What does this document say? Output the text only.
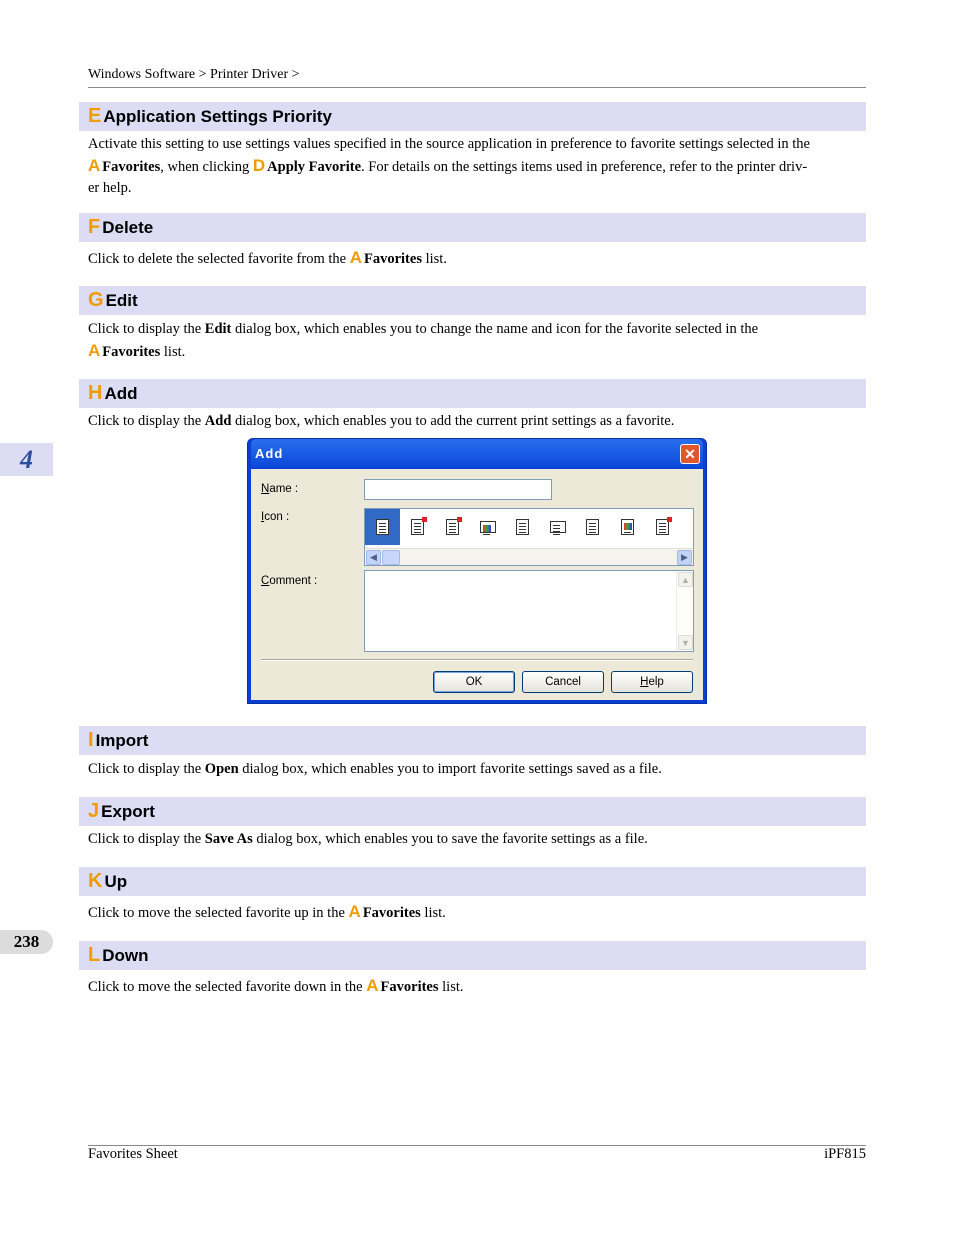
Windows Software > Printer Driver >
E Application Settings Priority
Activate this setting to use settings values specified in the source application in preference to favorite settings selected in the
A Favorites, when clicking D Apply Favorite. For details on the settings items used in preference, refer to the printer driv-
er help.
F Delete
Click to delete the selected favorite from the A Favorites list.
G Edit
Click to display the Edit dialog box, which enables you to change the name and icon for the favorite selected in the
A Favorites list.
H Add
Click to display the Add dialog box, which enables you to add the current print settings as a favorite.
4	Add	✕
Name :
Icon :
◀	▶
Comment :	▲
▼
OK	Cancel	H elp
I Import
Click to display the Open dialog box, which enables you to import favorite settings saved as a file.
J Export
Click to display the Save As dialog box, which enables you to save the favorite settings as a file.
K Up
Click to move the selected favorite up in the A Favorites list.
238
L Down
Click to move the selected favorite down in the A Favorites list.
Favorites Sheet	iPF815
